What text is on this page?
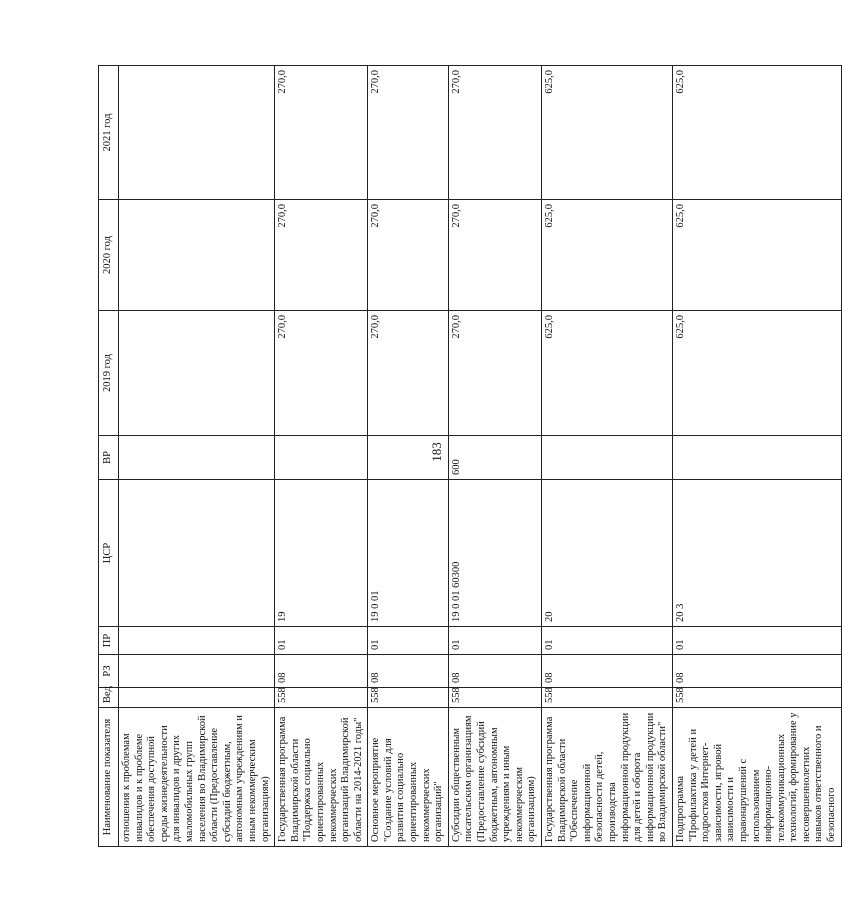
183
Наименование показателя	Вед	РЗ	ПР	ЦСР	ВР	2019 год	2020 год	2021 год
отношения к проблемам инвалидов и к проблеме обеспечения доступной среды жизнедеятельности для инвалидов и других маломобильных групп населения во Владимирской области (Предоставление субсидий бюджетным, автономным учреждениям и иным некоммерческим организациям)								
Государственная программа Владимирской области "Поддержка социально ориентированных некоммерческих организаций Владимирской области на 2014-2021 годы"	558	08	01	19		270,0	270,0	270,0
Основное мероприятие "Создание условий для развития социально ориентированных некоммерческих организаций"	558	08	01	19 0 01		270,0	270,0	270,0
Субсидии общественным писательским организациям (Предоставление субсидий бюджетным, автономным учреждениям и иным некоммерческим организациям)	558	08	01	19 0 01 60300	600	270,0	270,0	270,0
Государственная программа Владимирской области "Обеспечение информационной безопасности детей, производства информационной продукции для детей и оборота информационной продукции во Владимирской области"	558	08	01	20		625,0	625,0	625,0
Подпрограмма "Профилактика у детей и подростков Интернет-зависимости, игровой зависимости и правонарушений с использованием информационно-телекоммуникационных технологий, формирование у несовершеннолетних навыков ответственного и безопасного	558	08	01	20 3		625,0	625,0	625,0
